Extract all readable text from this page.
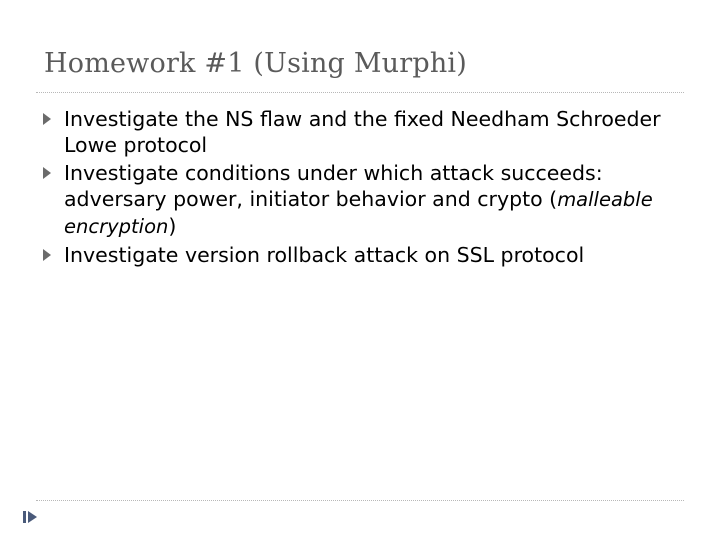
Homework #1 (Using Murphi)
Investigate the NS flaw and the fixed Needham Schroeder Lowe protocol
Investigate conditions under which attack succeeds: adversary power, initiator behavior and crypto (malleable encryption)
Investigate version rollback attack on SSL protocol
